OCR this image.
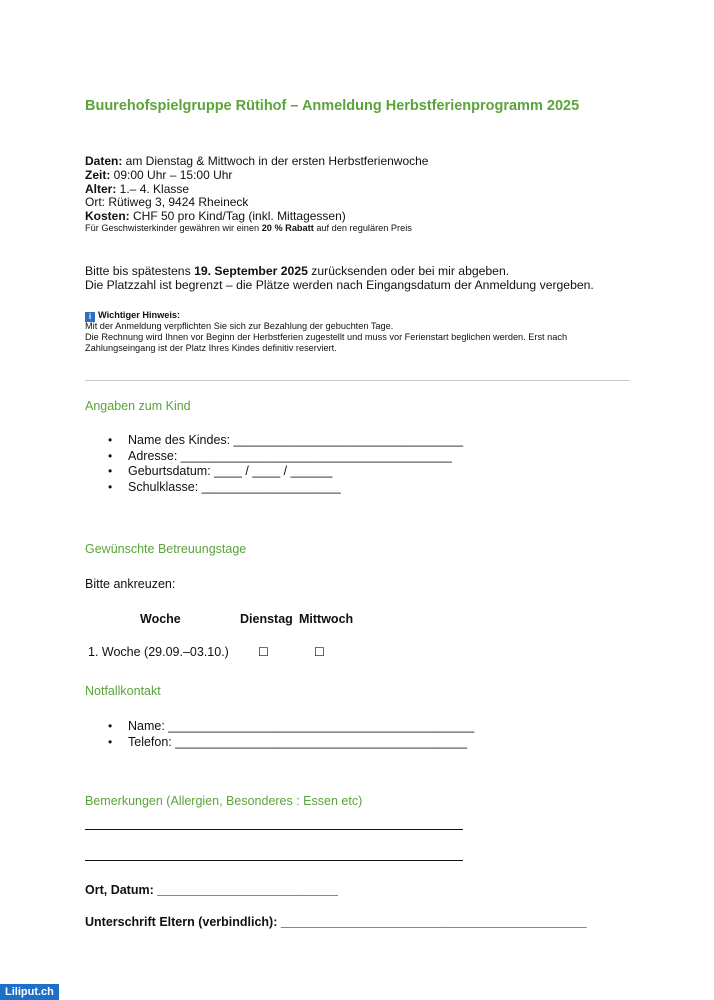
Buurehofspielgruppe Rütihof – Anmeldung Herbstferienprogramm 2025
Daten: am Dienstag & Mittwoch in der ersten Herbstferienwoche
Zeit: 09:00 Uhr – 15:00 Uhr
Alter: 1.– 4. Klasse
Ort: Rütiweg 3, 9424 Rheineck
Kosten: CHF 50 pro Kind/Tag (inkl. Mittagessen)
Für Geschwisterkinder gewähren wir einen 20 % Rabatt auf den regulären Preis
Bitte bis spätestens 19. September 2025 zurücksenden oder bei mir abgeben.
Die Platzzahl ist begrenzt – die Plätze werden nach Eingangsdatum der Anmeldung vergeben.
i Wichtiger Hinweis:
Mit der Anmeldung verpflichten Sie sich zur Bezahlung der gebuchten Tage.
Die Rechnung wird Ihnen vor Beginn der Herbstferien zugestellt und muss vor Ferienstart beglichen werden. Erst nach
Zahlungseingang ist der Platz Ihres Kindes definitiv reserviert.
Angaben zum Kind
• Name des Kindes: _________________________________
• Adresse: _______________________________________
• Geburtsdatum: ____ / ____ / ______
• Schulklasse: ____________________
Gewünschte Betreuungstage
Bitte ankreuzen:
Woche	Dienstag Mittwoch
1. Woche (29.09.–03.10.) ☐	☐
Notfallkontakt
• Name: ____________________________________________
• Telefon: __________________________________________
Bemerkungen (Allergien, Besonderes : Essen etc)
Ort, Datum: __________________________
Unterschrift Eltern (verbindlich): ____________________________________________
Liliput.ch
